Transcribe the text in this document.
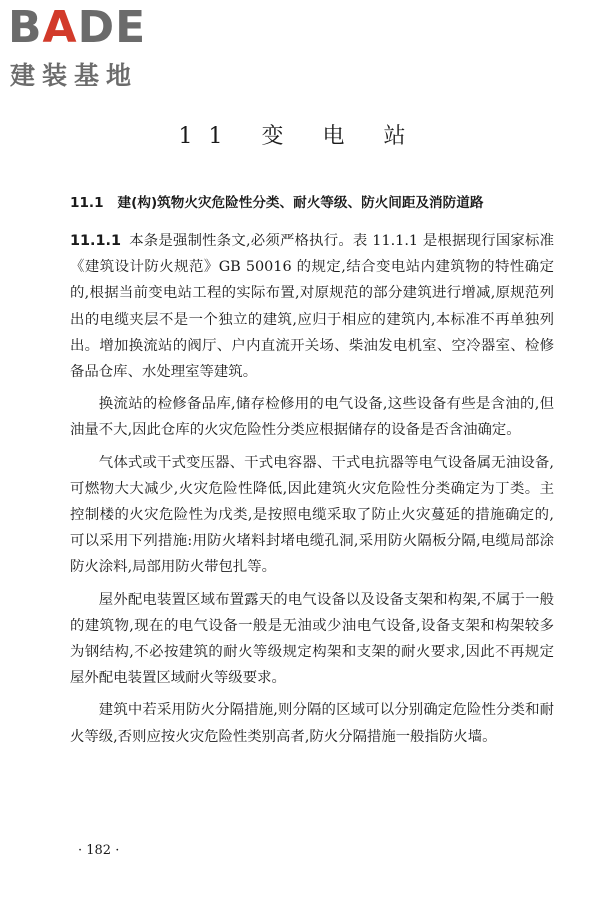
BADE
建装基地
11 变 电 站
11.1 建(构)筑物火灾危险性分类、耐火等级、防火间距及消防道路

11.1.1 本条是强制性条文,必须严格执行。表 11.1.1 是根据现行国家标准《建筑设计防火规范》GB 50016 的规定,结合变电站内建筑物的特性确定的,根据当前变电站工程的实际布置,对原规范的部分建筑进行增减,原规范列出的电缆夹层不是一个独立的建筑,应归于相应的建筑内,本标准不再单独列出。增加换流站的阀厅、户内直流开关场、柴油发电机室、空冷器室、检修备品仓库、水处理室等建筑。

换流站的检修备品库,储存检修用的电气设备,这些设备有些是含油的,但油量不大,因此仓库的火灾危险性分类应根据储存的设备是否含油确定。

气体式或干式变压器、干式电容器、干式电抗器等电气设备属无油设备,可燃物大大减少,火灾危险性降低,因此建筑火灾危险性分类确定为丁类。主控制楼的火灾危险性为戊类,是按照电缆采取了防止火灾蔓延的措施确定的,可以采用下列措施:用防火堵料封堵电缆孔洞,采用防火隔板分隔,电缆局部涂防火涂料,局部用防火带包扎等。

屋外配电装置区域布置露天的电气设备以及设备支架和构架,不属于一般的建筑物,现在的电气设备一般是无油或少油电气设备,设备支架和构架较多为钢结构,不必按建筑的耐火等级规定构架和支架的耐火要求,因此不再规定屋外配电装置区域耐火等级要求。

建筑中若采用防火分隔措施,则分隔的区域可以分别确定危险性分类和耐火等级,否则应按火灾危险性类别高者,防火分隔措施一般指防火墙。

· 182 ·
